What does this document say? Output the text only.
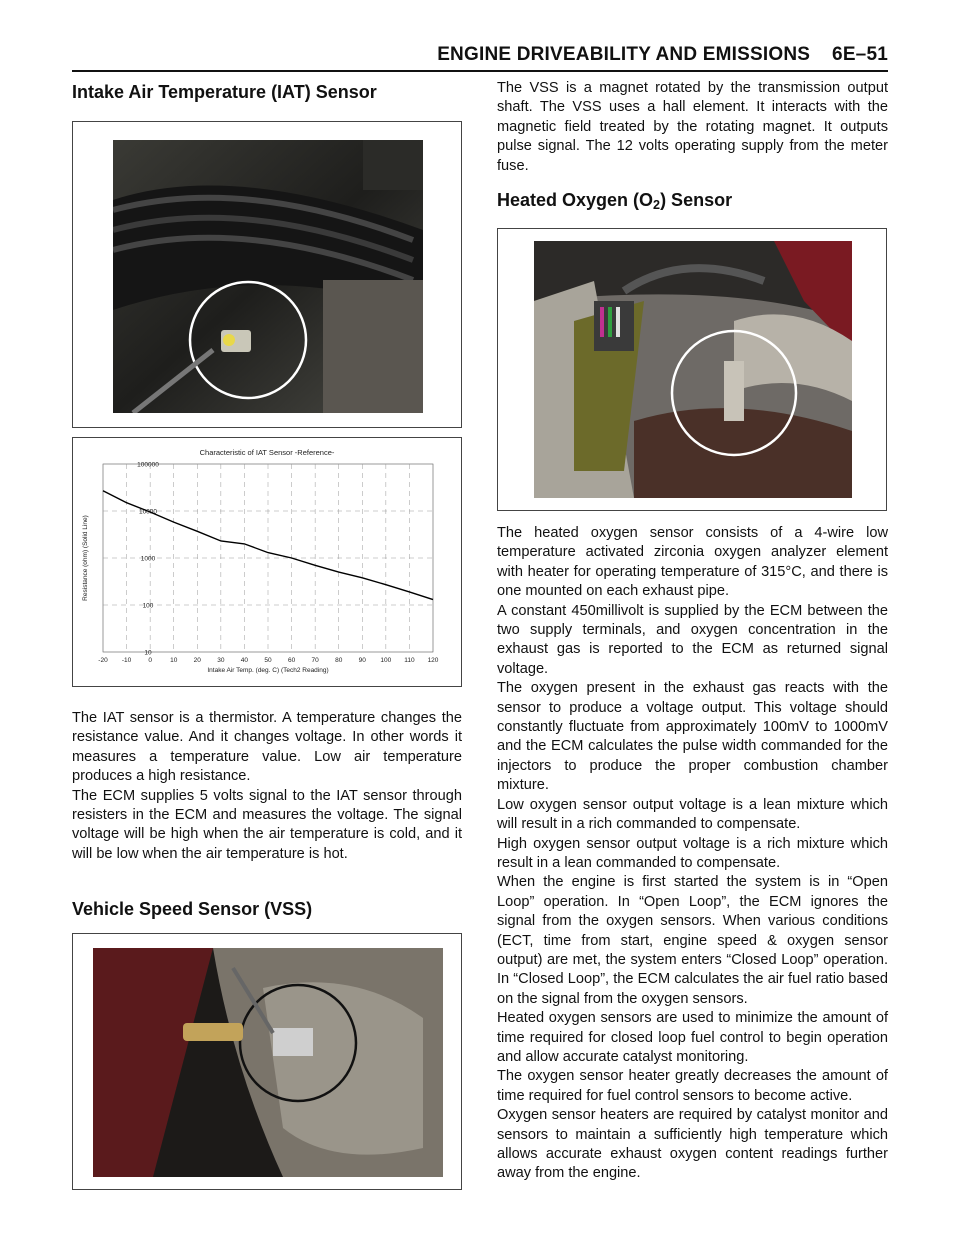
ENGINE DRIVEABILITY AND EMISSIONS 6E–51
Intake Air Temperature (IAT) Sensor
Characteristic of IAT Sensor -Reference-
-20 -10	0	10	20	30	40	50	60	70	80	90 100 110 120
10
100
1000
10000
100000
Intake Air Temp. (deg. C) (Tech2 Reading)
Resistance (ohm) (Solid Line)

The IAT sensor is a thermistor. A temperature changes the resistance value. And it changes voltage. In other words it measures a temperature value. Low air temperature produces a high resistance.

The ECM supplies 5 volts signal to the IAT sensor through resisters in the ECM and measures the voltage. The signal voltage will be high when the air temperature is cold, and it will be low when the air temperature is hot.

Vehicle Speed Sensor (VSS)

The VSS is a magnet rotated by the transmission output shaft. The VSS uses a hall element. It interacts with the magnetic field treated by the rotating magnet. It outputs pulse signal. The 12 volts operating supply from the meter fuse.

Heated Oxygen $(O_2)$ Sensor

The heated oxygen sensor consists of a 4-wire low temperature activated zirconia oxygen analyzer element with heater for operating temperature of 315°C, and there is one mounted on each exhaust pipe.

A constant 450millivolt is supplied by the ECM between the two supply terminals, and oxygen concentration in the exhaust gas is reported to the ECM as returned signal voltage.

The oxygen present in the exhaust gas reacts with the sensor to produce a voltage output. This voltage should constantly fluctuate from approximately 100mV to 1000mV and the ECM calculates the pulse width commanded for the injectors to produce the proper combustion chamber mixture.

Low oxygen sensor output voltage is a lean mixture which will result in a rich commanded to compensate.

High oxygen sensor output voltage is a rich mixture which result in a lean commanded to compensate.

When the engine is first started the system is in “Open Loop” operation. In “Open Loop”, the ECM ignores the signal from the oxygen sensors. When various conditions (ECT, time from start, engine speed & oxygen sensor output) are met, the system enters “Closed Loop” operation. In “Closed Loop”, the ECM calculates the air fuel ratio based on the signal from the oxygen sensors.

Heated oxygen sensors are used to minimize the amount of time required for closed loop fuel control to begin operation and allow accurate catalyst monitoring.

The oxygen sensor heater greatly decreases the amount of time required for fuel control sensors to become active.

Oxygen sensor heaters are required by catalyst monitor and sensors to maintain a sufficiently high temperature which allows accurate exhaust oxygen content readings further away from the engine.
